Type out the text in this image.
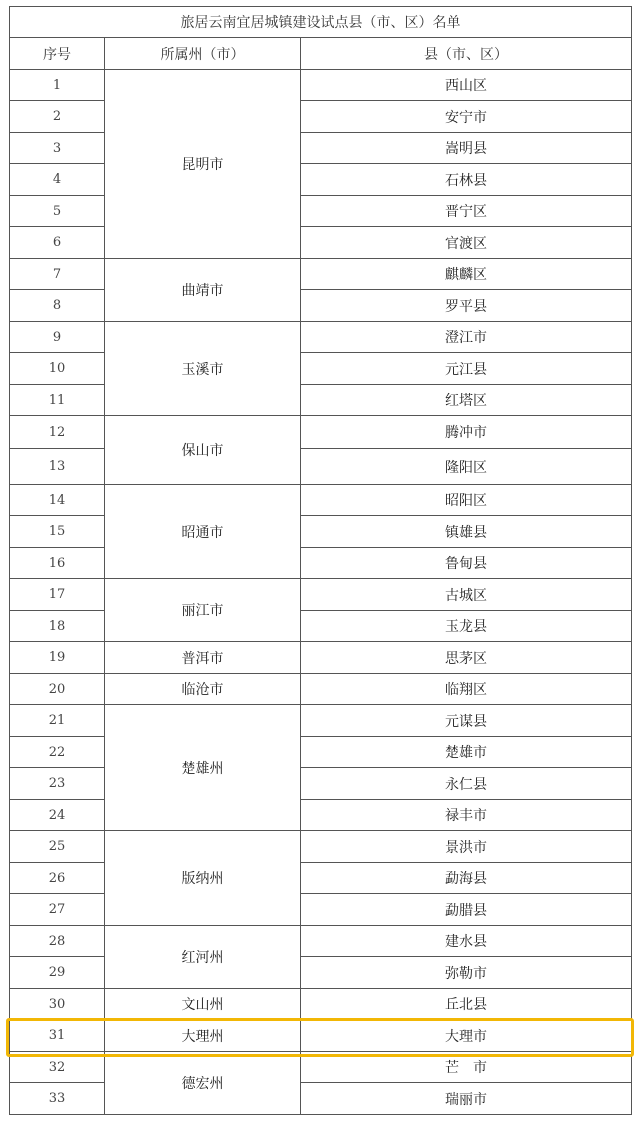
旅居云南宜居城镇建设试点县（市、区）名单		
序号	所属州（市）	县（市、区）
1	昆明市	西山区
2		安宁市
3		嵩明县
4		石林县
5		晋宁区
6		官渡区
7	曲靖市	麒麟区
8		罗平县
9	玉溪市	澄江市
10		元江县
11		红塔区
12	保山市	腾冲市
13		隆阳区
14	昭通市	昭阳区
15		镇雄县
16		鲁甸县
17	丽江市	古城区
18		玉龙县
19	普洱市	思茅区
20	临沧市	临翔区
21	楚雄州	元谋县
22		楚雄市
23		永仁县
24		禄丰市
25	版纳州	景洪市
26		勐海县
27		勐腊县
28	红河州	建水县
29		弥勒市
30	文山州	丘北县
31	大理州	大理市
32	德宏州	芒　市
33		瑞丽市
